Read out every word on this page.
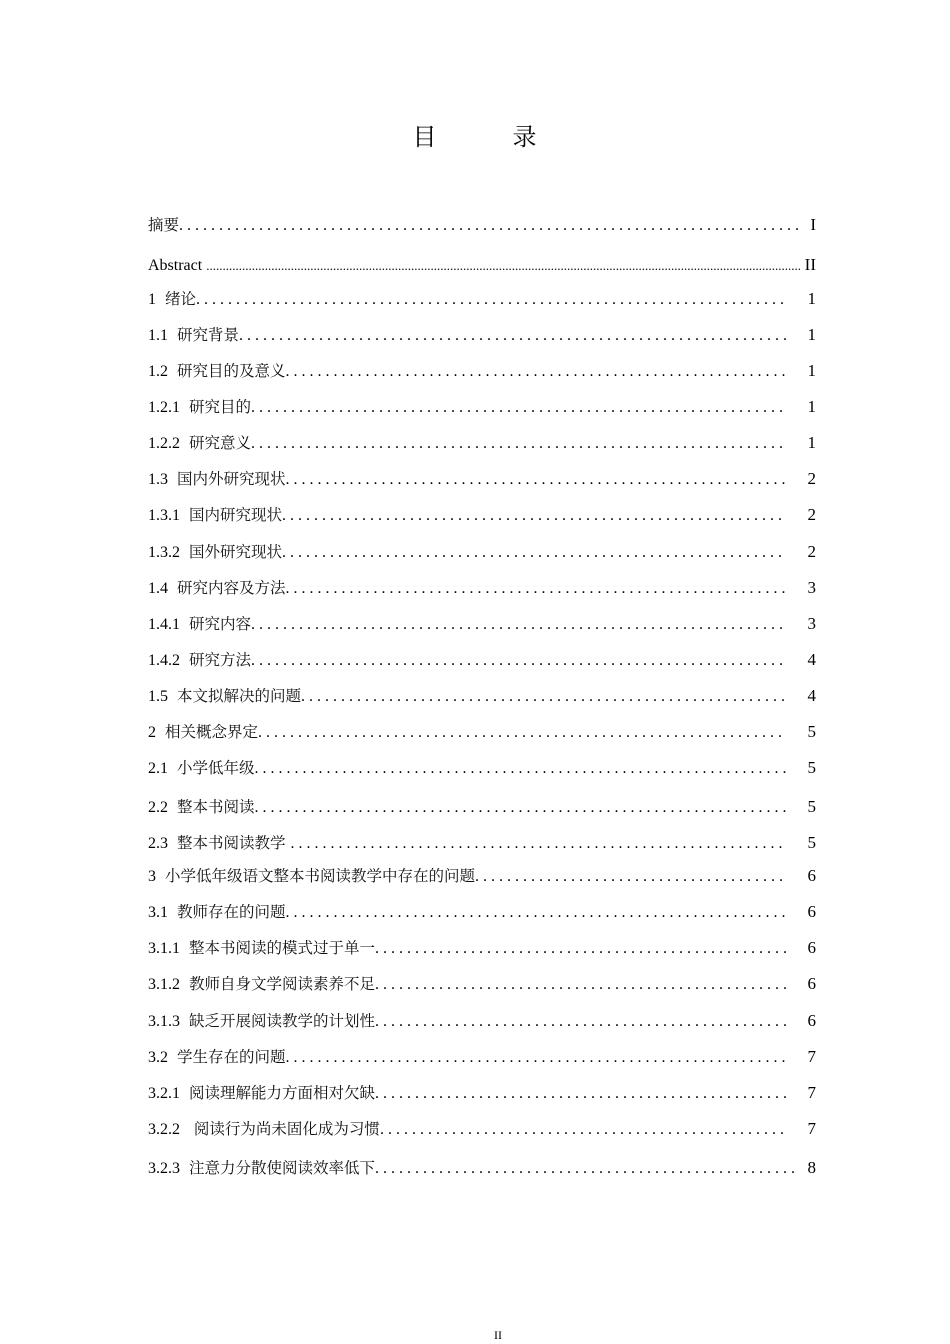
目　录
摘要 . . .	I
Abstract .....	II
1 绪论 . . .	1
1.1 研究背景 . . .	1
1.2 研究目的及意义 . . .	1
1.2.1 研究目的 . . .	1
1.2.2 研究意义 . . .	1
1.3 国内外研究现状 . . .	2
1.3.1 国内研究现状 . . .	2
1.3.2 国外研究现状 . . .	2
1.4 研究内容及方法 . . .	3
1.4.1 研究内容 . . .	3
1.4.2 研究方法 . . .	4
1.5 本文拟解决的问题 . . .	4
2 相关概念界定 . . .	5
2.1 小学低年级 . . .	5
2.2 整本书阅读 . . .	5
2.3 整本书阅读教学 . . .	5
3 小学低年级语文整本书阅读教学中存在的问题 . . .	6
3.1 教师存在的问题 . . .	6
3.1.1 整本书阅读的模式过于单一 . . .	6
3.1.2 教师自身文学阅读素养不足 . . .	6
3.1.3 缺乏开展阅读教学的计划性 . . .	6
3.2 学生存在的问题 . . .	7
3.2.1 阅读理解能力方面相对欠缺 . . .	7
3.2.2 阅读行为尚未固化成为习惯 . . .	7
3.2.3 注意力分散使阅读效率低下 . . .	8
II
